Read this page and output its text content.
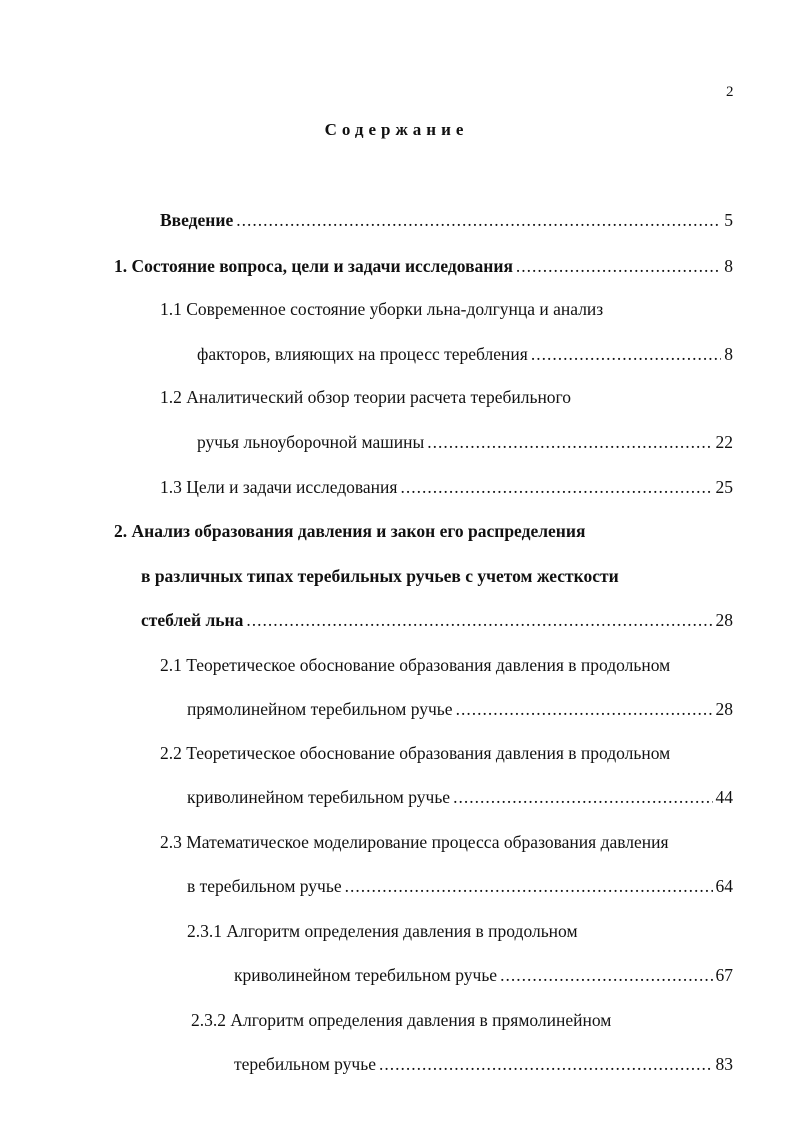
2
Содержание
Введение .....	5
1. Состояние вопроса, цели и задачи исследования .....	8
1.1 Современное состояние уборки льна-долгунца и анализ
факторов, влияющих на процесс теребления .....	8
1.2 Аналитический обзор теории расчета теребильного
ручья льноуборочной машины .....	22
1.3 Цели и задачи исследования .....	25
2. Анализ образования давления и закон его распределения
в различных типах теребильных ручьев с учетом жесткости
стеблей льна .....	28
2.1 Теоретическое обоснование образования давления в продольном
прямолинейном теребильном ручье .....	28
2.2 Теоретическое обоснование образования давления в продольном
криволинейном теребильном ручье .....	44
2.3 Математическое моделирование процесса образования давления
в теребильном ручье .....	64
2.3.1 Алгоритм определения давления в продольном
криволинейном теребильном ручье .....	67
2.3.2 Алгоритм определения давления в прямолинейном
теребильном ручье .....	83
